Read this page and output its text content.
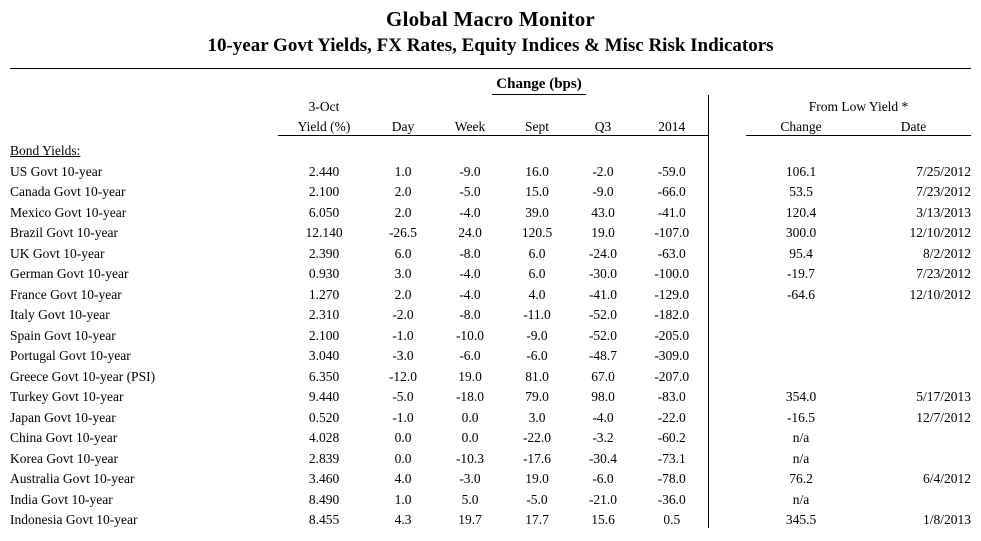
Global Macro Monitor
10-year Govt Yields, FX Rates, Equity Indices & Misc Risk Indicators
		Change (bps)							
	3-Oct							From Low Yield *	
	Yield (%)	Day	Week	Sept	Q3	2014		Change	Date
Bond Yields:									
US Govt 10-year	2.440	1.0	-9.0	16.0	-2.0	-59.0		106.1	7/25/2012
Canada Govt 10-year	2.100	2.0	-5.0	15.0	-9.0	-66.0		53.5	7/23/2012
Mexico Govt 10-year	6.050	2.0	-4.0	39.0	43.0	-41.0		120.4	3/13/2013
Brazil Govt 10-year	12.140	-26.5	24.0	120.5	19.0	-107.0		300.0	12/10/2012
UK Govt 10-year	2.390	6.0	-8.0	6.0	-24.0	-63.0		95.4	8/2/2012
German Govt 10-year	0.930	3.0	-4.0	6.0	-30.0	-100.0		-19.7	7/23/2012
France Govt 10-year	1.270	2.0	-4.0	4.0	-41.0	-129.0		-64.6	12/10/2012
Italy Govt 10-year	2.310	-2.0	-8.0	-11.0	-52.0	-182.0			
Spain Govt 10-year	2.100	-1.0	-10.0	-9.0	-52.0	-205.0			
Portugal Govt 10-year	3.040	-3.0	-6.0	-6.0	-48.7	-309.0			
Greece Govt 10-year (PSI)	6.350	-12.0	19.0	81.0	67.0	-207.0			
Turkey Govt 10-year	9.440	-5.0	-18.0	79.0	98.0	-83.0		354.0	5/17/2013
Japan Govt 10-year	0.520	-1.0	0.0	3.0	-4.0	-22.0		-16.5	12/7/2012
China Govt 10-year	4.028	0.0	0.0	-22.0	-3.2	-60.2		n/a	
Korea Govt 10-year	2.839	0.0	-10.3	-17.6	-30.4	-73.1		n/a	
Australia Govt 10-year	3.460	4.0	-3.0	19.0	-6.0	-78.0		76.2	6/4/2012
India Govt 10-year	8.490	1.0	5.0	-5.0	-21.0	-36.0		n/a	
Indonesia Govt 10-year	8.455	4.3	19.7	17.7	15.6	0.5		345.5	1/8/2013
